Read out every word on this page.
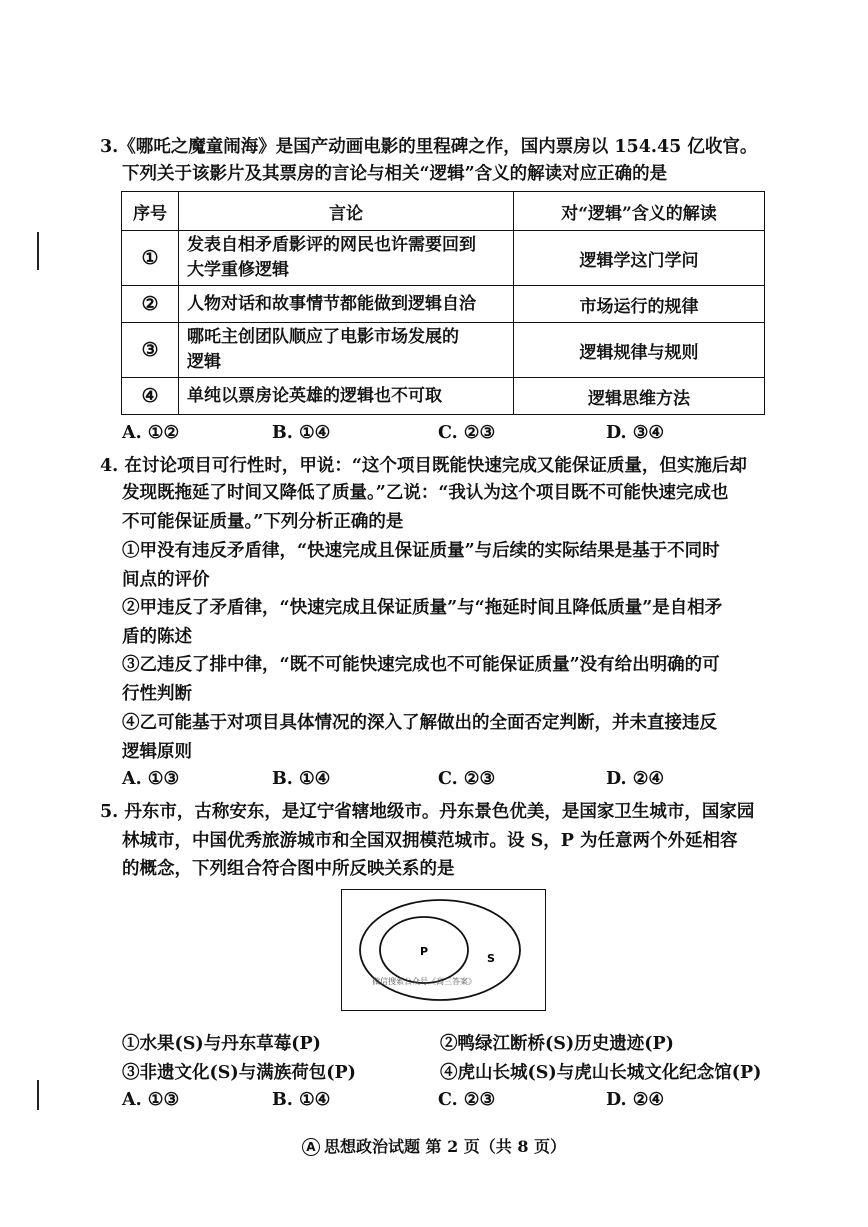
3.《哪吒之魔童闹海》是国产动画电影的里程碑之作，国内票房以 154.45 亿收官。
下列关于该影片及其票房的言论与相关“逻辑”含义的解读对应正确的是
序号	言论	对“逻辑”含义的解读
①	发表自相矛盾影评的网民也许需要回到
大学重修逻辑	逻辑学这门学问
②	人物对话和故事情节都能做到逻辑自洽	市场运行的规律
③	哪吒主创团队顺应了电影市场发展的
逻辑	逻辑规律与规则
④	单纯以票房论英雄的逻辑也不可取	逻辑思维方法
A. ①②	B. ①④	C. ②③	D. ③④
4. 在讨论项目可行性时，甲说：“这个项目既能快速完成又能保证质量，但实施后却
发现既拖延了时间又降低了质量。”乙说：“我认为这个项目既不可能快速完成也
不可能保证质量。”下列分析正确的是
①甲没有违反矛盾律，“快速完成且保证质量”与后续的实际结果是基于不同时
间点的评价
②甲违反了矛盾律，“快速完成且保证质量”与“拖延时间且降低质量”是自相矛
盾的陈述
③乙违反了排中律，“既不可能快速完成也不可能保证质量”没有给出明确的可
行性判断
④乙可能基于对项目具体情况的深入了解做出的全面否定判断，并未直接违反
逻辑原则
A. ①③	B. ①④	C. ②③	D. ②④
5. 丹东市，古称安东，是辽宁省辖地级市。丹东景色优美，是国家卫生城市，国家园
林城市，中国优秀旅游城市和全国双拥模范城市。设 S，P 为任意两个外延相容
的概念，下列组合符合图中所反映关系的是
P
S
微信搜索公众号《高三答案》
①水果(S)与丹东草莓(P)	②鸭绿江断桥(S)历史遗迹(P)
③非遗文化(S)与满族荷包(P)	④虎山长城(S)与虎山长城文化纪念馆(P)
A. ①③	B. ①④	C. ②③	D. ②④
A 思想政治试题 第 2 页（共 8 页）
